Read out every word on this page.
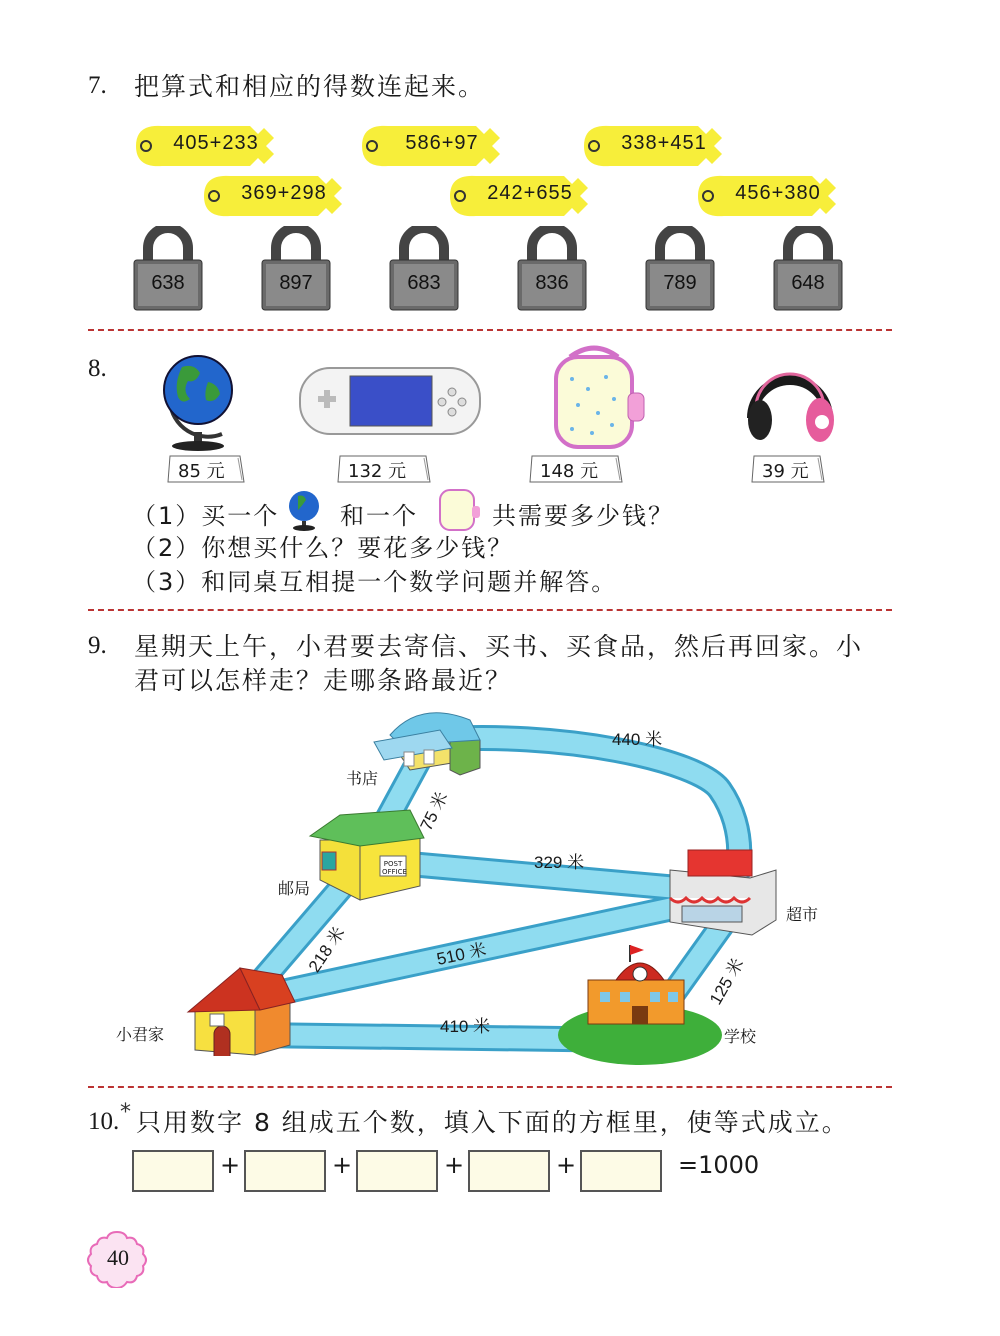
7. 把算式和相应的得数连起来。
405+233	586+97	338+451
369+298	242+655	456+380
638	897	683	836	789	648
8.
85 元	132 元	148 元	39 元
（1）买一个	和一个	共需要多少钱？
（2）你想买什么？要花多少钱？
（3）和同桌互相提一个数学问题并解答。
9. 星期天上午，小君要去寄信、买书、买食品，然后再回家。小
君可以怎样走？走哪条路最近？
书店
邮局
超市
小君家	学校
POST OFFICE
440 米
75 米
329 米
218 米	510 米
410 米
125 米
10. * 只用数字 8 组成五个数，填入下面的方框里，使等式成立。
+	+	+	+	=1000
40
